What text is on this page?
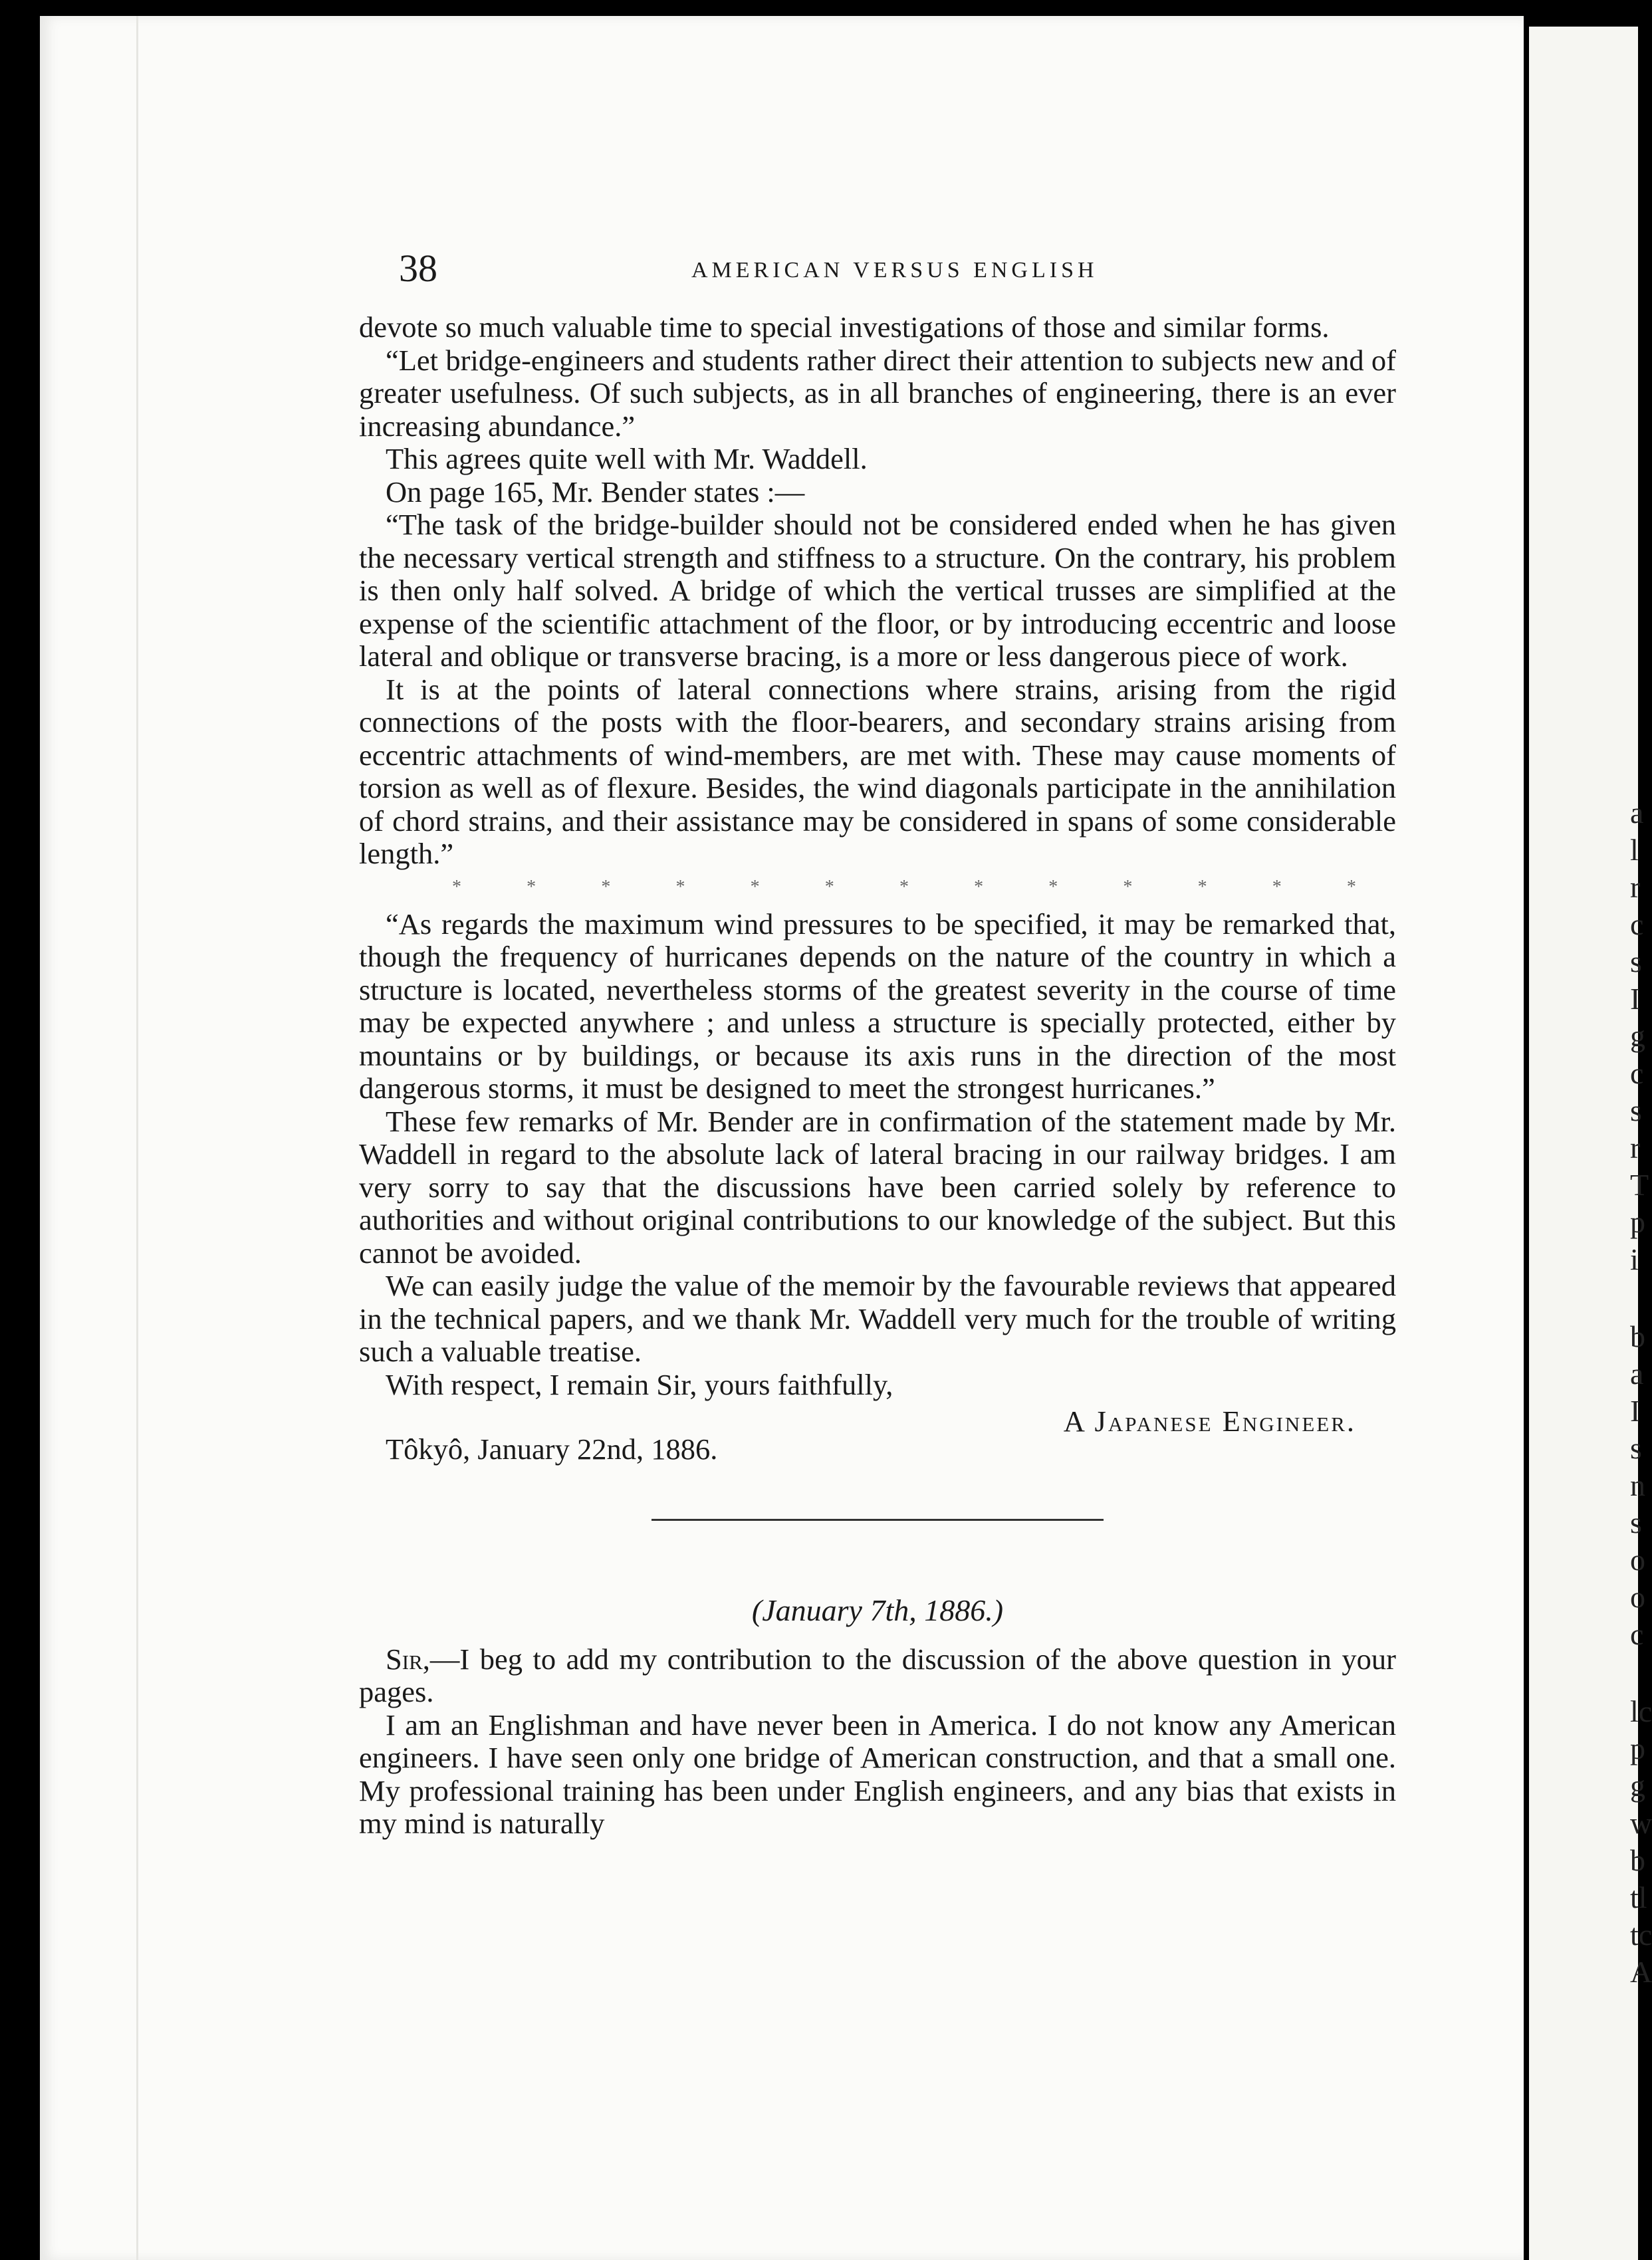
a
l
r
c
s
I
g
c
s
r
T
p
i
b
a
I
s
n
s
o
o
c
lc
p
g
w
b
tl
tc
A
38	AMERICAN VERSUS ENGLISH

devote so much valuable time to special investigations of those and similar forms.

“Let bridge-engineers and students rather direct their attention to subjects new and of greater usefulness. Of such subjects, as in all branches of engineering, there is an ever increasing abundance.”

This agrees quite well with Mr. Waddell.

On page 165, Mr. Bender states :—

“The task of the bridge-builder should not be considered ended when he has given the necessary vertical strength and stiffness to a structure. On the contrary, his problem is then only half solved. A bridge of which the vertical trusses are simplified at the expense of the scientific attachment of the floor, or by introducing eccentric and loose lateral and oblique or transverse bracing, is a more or less dangerous piece of work.

It is at the points of lateral connections where strains, arising from the rigid connections of the posts with the floor-bearers, and secondary strains arising from eccentric attachments of wind-members, are met with. These may cause moments of torsion as well as of flexure. Besides, the wind diagonals participate in the annihilation of chord strains, and their assistance may be considered in spans of some considerable length.”

*	*	*	*	*	*	*	*	*	*	*	*	*

“As regards the maximum wind pressures to be specified, it may be remarked that, though the frequency of hurricanes depends on the nature of the country in which a structure is located, nevertheless storms of the greatest severity in the course of time may be expected anywhere ; and unless a structure is specially protected, either by mountains or by buildings, or because its axis runs in the direction of the most dangerous storms, it must be designed to meet the strongest hurricanes.”

These few remarks of Mr. Bender are in confirmation of the statement made by Mr. Waddell in regard to the absolute lack of lateral bracing in our railway bridges. I am very sorry to say that the discussions have been carried solely by reference to authorities and without original contributions to our knowledge of the subject. But this cannot be avoided.

We can easily judge the value of the memoir by the favourable reviews that appeared in the technical papers, and we thank Mr. Waddell very much for the trouble of writing such a valuable treatise.

With respect, I remain Sir, yours faithfully,

A Japanese Engineer.

Tôkyô, January 22nd, 1886.

(January 7th, 1886.)

Sir,—I beg to add my contribution to the discussion of the above question in your pages.

I am an Englishman and have never been in America. I do not know any American engineers. I have seen only one bridge of American construction, and that a small one. My professional training has been under English engineers, and any bias that exists in my mind is naturally
